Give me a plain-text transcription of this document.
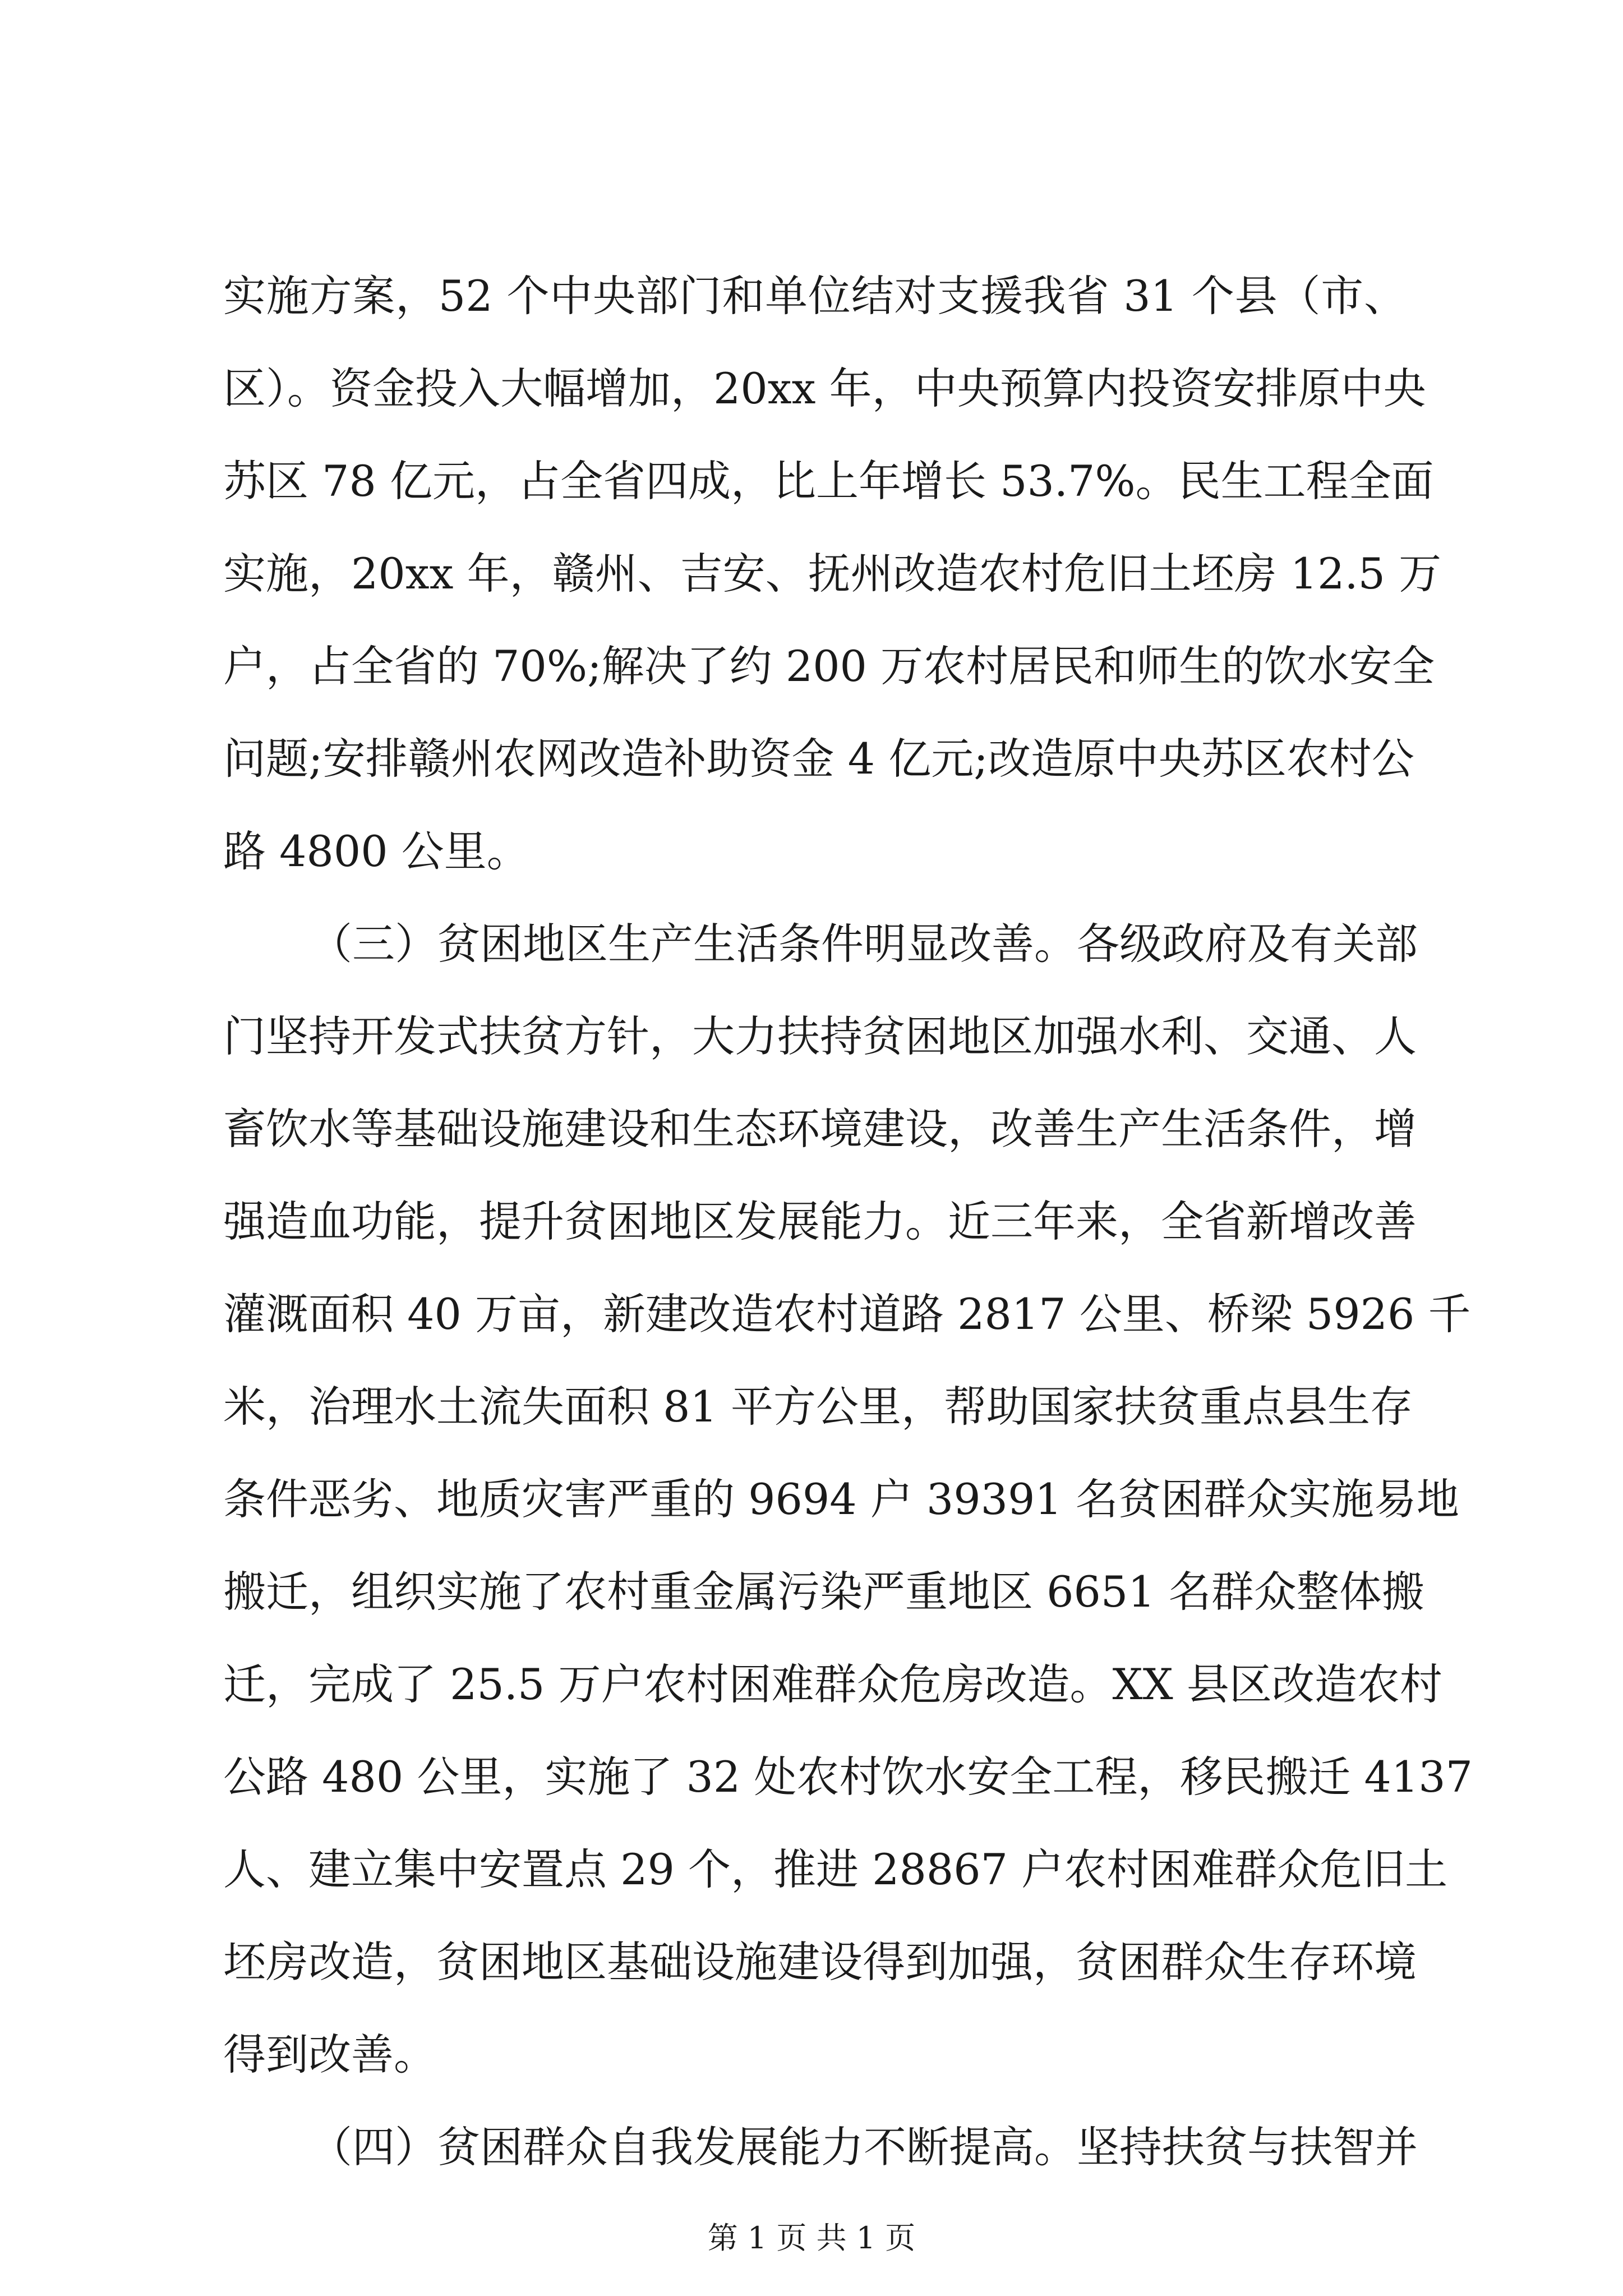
实施方案，52 个中央部门和单位结对支援我省 31 个县（市、
区）。资金投入大幅增加，20xx 年，中央预算内投资安排原中央
苏区 78 亿元，占全省四成，比上年增长 53.7%。民生工程全面
实施，20xx 年，赣州、吉安、抚州改造农村危旧土坯房 12.5 万
户，占全省的 70%;解决了约 200 万农村居民和师生的饮水安全
问题;安排赣州农网改造补助资金 4 亿元;改造原中央苏区农村公
路 4800 公里。
（三）贫困地区生产生活条件明显改善。各级政府及有关部
门坚持开发式扶贫方针，大力扶持贫困地区加强水利、交通、人
畜饮水等基础设施建设和生态环境建设，改善生产生活条件，增
强造血功能，提升贫困地区发展能力。近三年来，全省新增改善
灌溉面积 40 万亩，新建改造农村道路 2817 公里、桥梁 5926 千
米，治理水土流失面积 81 平方公里，帮助国家扶贫重点县生存
条件恶劣、地质灾害严重的 9694 户 39391 名贫困群众实施易地
搬迁，组织实施了农村重金属污染严重地区 6651 名群众整体搬
迁，完成了 25.5 万户农村困难群众危房改造。XX 县区改造农村
公路 480 公里，实施了 32 处农村饮水安全工程，移民搬迁 4137
人、建立集中安置点 29 个，推进 28867 户农村困难群众危旧土
坯房改造，贫困地区基础设施建设得到加强，贫困群众生存环境
得到改善。
（四）贫困群众自我发展能力不断提高。坚持扶贫与扶智并
第 1 页 共 1 页
